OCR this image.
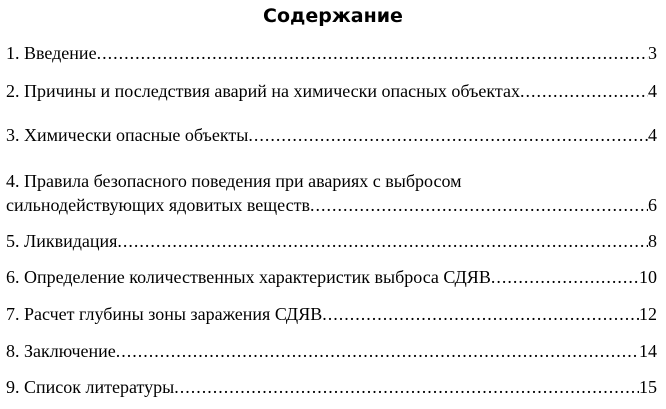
Содержание
1. Введение .....	3
2. Причины и последствия аварий на химически опасных объектах .....	4
3. Химически опасные объекты .....	4
4. Правила безопасного поведения при авариях с выбросом
сильнодействующих ядовитых веществ .....	6
5. Ликвидация .....	8
6. Определение количественных характеристик выброса СДЯВ .....	10
7. Расчет глубины зоны заражения СДЯВ .....	12
8. Заключение .....	14
9. Список литературы .....	15
